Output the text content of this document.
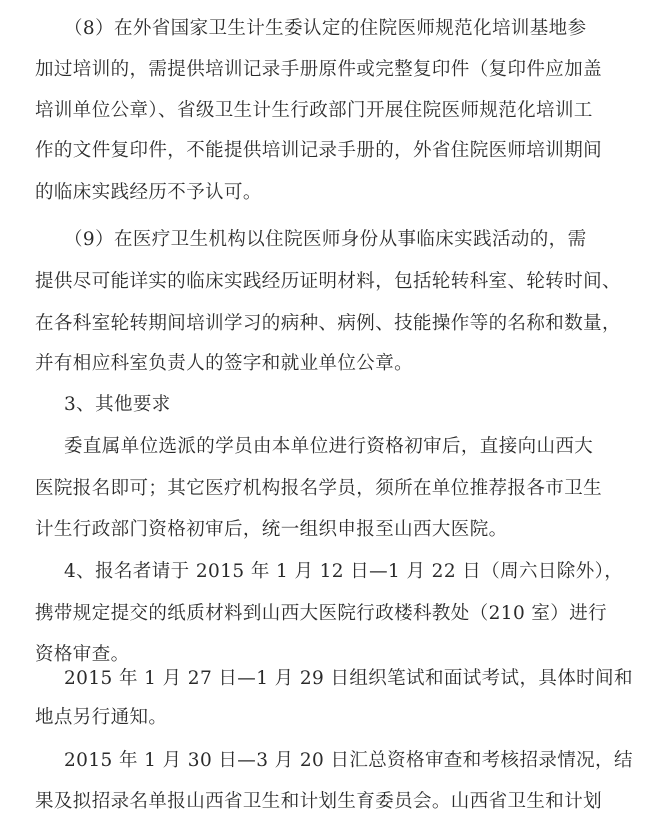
（8）在外省国家卫生计生委认定的住院医师规范化培训基地参
加过培训的，需提供培训记录手册原件或完整复印件（复印件应加盖
培训单位公章）、省级卫生计生行政部门开展住院医师规范化培训工
作的文件复印件，不能提供培训记录手册的，外省住院医师培训期间
的临床实践经历不予认可。
（9）在医疗卫生机构以住院医师身份从事临床实践活动的，需
提供尽可能详实的临床实践经历证明材料，包括轮转科室、轮转时间、
在各科室轮转期间培训学习的病种、病例、技能操作等的名称和数量，
并有相应科室负责人的签字和就业单位公章。
3、其他要求
委直属单位选派的学员由本单位进行资格初审后，直接向山西大
医院报名即可；其它医疗机构报名学员，须所在单位推荐报各市卫生
计生行政部门资格初审后，统一组织申报至山西大医院。
4、报名者请于 2015 年 1 月 12 日—1 月 22 日（周六日除外），
携带规定提交的纸质材料到山西大医院行政楼科教处（210 室）进行
资格审查。
2015 年 1 月 27 日—1 月 29 日组织笔试和面试考试，具体时间和
地点另行通知。
2015 年 1 月 30 日—3 月 20 日汇总资格审查和考核招录情况，结
果及拟招录名单报山西省卫生和计划生育委员会。山西省卫生和计划
